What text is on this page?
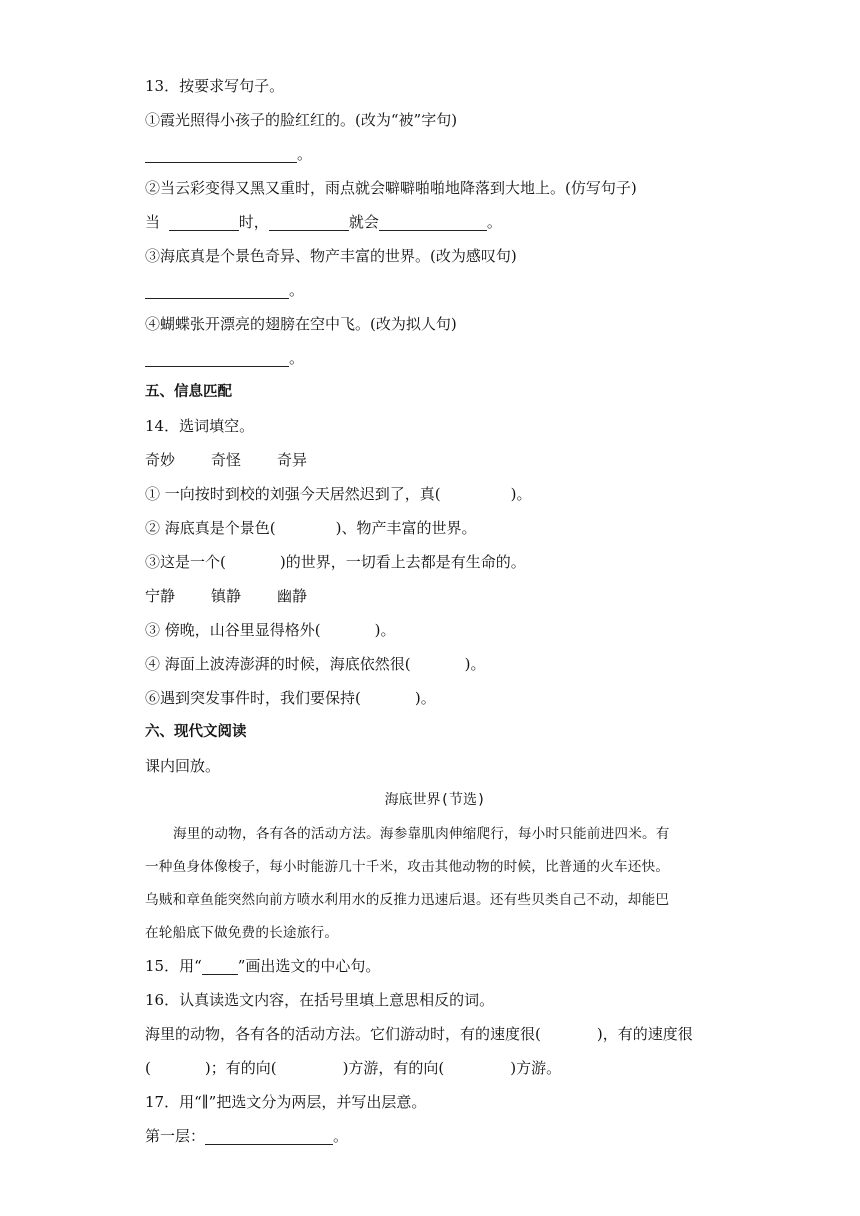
13．按要求写句子。
①霞光照得小孩子的脸红红的。(改为“被”字句)
。
②当云彩变得又黑又重时，雨点就会噼噼啪啪地降落到大地上。(仿写句子)
当	时，	就会	。
③海底真是个景色奇异、物产丰富的世界。(改为感叹句)
。
④蝴蝶张开漂亮的翅膀在空中飞。(改为拟人句)
。
五、信息匹配
14．选词填空。
奇妙 奇怪 奇异
① 一向按时到校的刘强今天居然迟到了，真(	)。
② 海底真是个景色(	)、物产丰富的世界。
③这是一个(	)的世界，一切看上去都是有生命的。
宁静 镇静 幽静
③ 傍晚，山谷里显得格外(	)。
④ 海面上波涛澎湃的时候，海底依然很(	)。
⑥遇到突发事件时，我们要保持(	)。
六、现代文阅读
课内回放。
海底世界(节选)
海里的动物，各有各的活动方法。海参靠肌肉伸缩爬行，每小时只能前进四米。有
一种鱼身体像梭子，每小时能游几十千米，攻击其他动物的时候，比普通的火车还快。
乌贼和章鱼能突然向前方喷水利用水的反推力迅速后退。还有些贝类自己不动，却能巴
在轮船底下做免费的长途旅行。
15．用“ ”画出选文的中心句。
16．认真读选文内容，在括号里填上意思相反的词。
海里的动物，各有各的活动方法。它们游动时，有的速度很(	)，有的速度很
(	)；有的向(	)方游，有的向(	)方游。
17．用“∥”把选文分为两层，并写出层意。
第一层：	。
